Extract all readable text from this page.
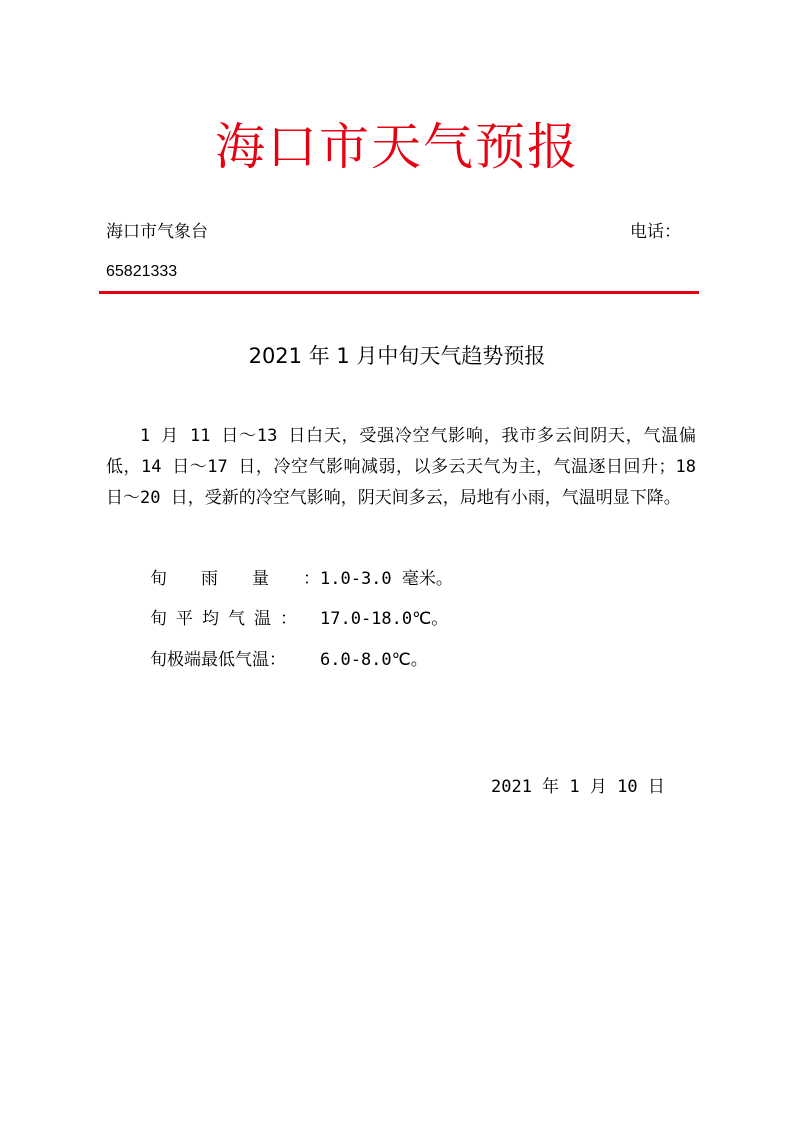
海口市天气预报
海口市气象台	电话：
65821333
2021 年 1 月中旬天气趋势预报
1 月 11 日～13 日白天，受强冷空气影响，我市多云间阴天，气温偏低，14 日～17 日，冷空气影响减弱，以多云天气为主，气温逐日回升；18 日～20 日，受新的冷空气影响，阴天间多云，局地有小雨，气温明显下降。
旬雨量：1.0-3.0 毫米。
旬平均气温： 17.0-18.0℃。
旬极端最低气温： 6.0-8.0℃。
2021 年 1 月 10 日
